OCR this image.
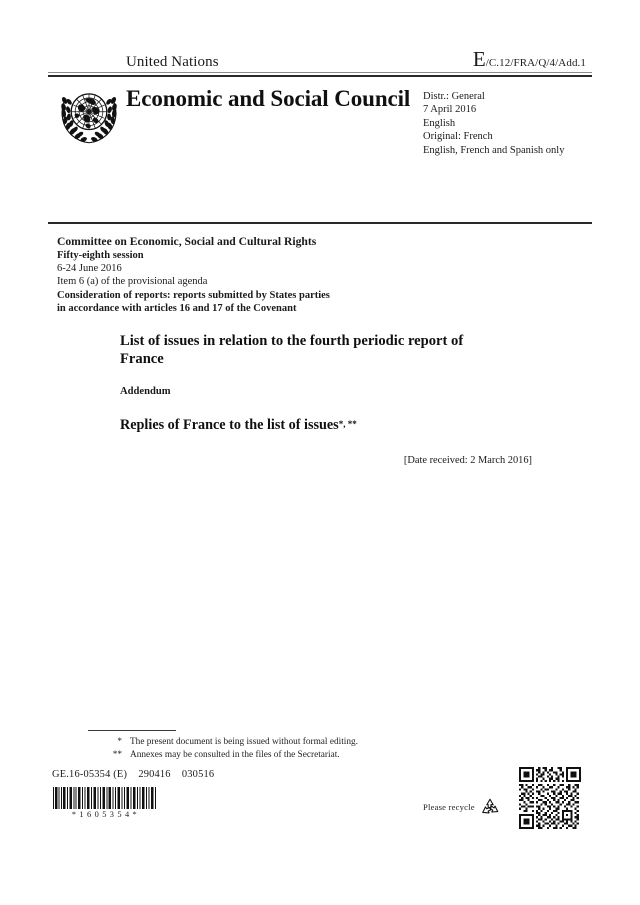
United Nations	E/C.12/FRA/Q/4/Add.1
Economic and Social Council Distr.: General
7 April 2016
English
Original: French
English, French and Spanish only
Committee on Economic, Social and Cultural Rights
Fifty-eighth session
6-24 June 2016
Item 6 (a) of the provisional agenda
Consideration of reports: reports submitted by States parties
in accordance with articles 16 and 17 of the Covenant
List of issues in relation to the fourth periodic report of France
Addendum
Replies of France to the list of issues*, **
[Date received: 2 March 2016]
* The present document is being issued without formal editing.
** Annexes may be consulted in the files of the Secretariat.
GE.16-05354 (E)    290416    030516
*1605354*
Please recycle
